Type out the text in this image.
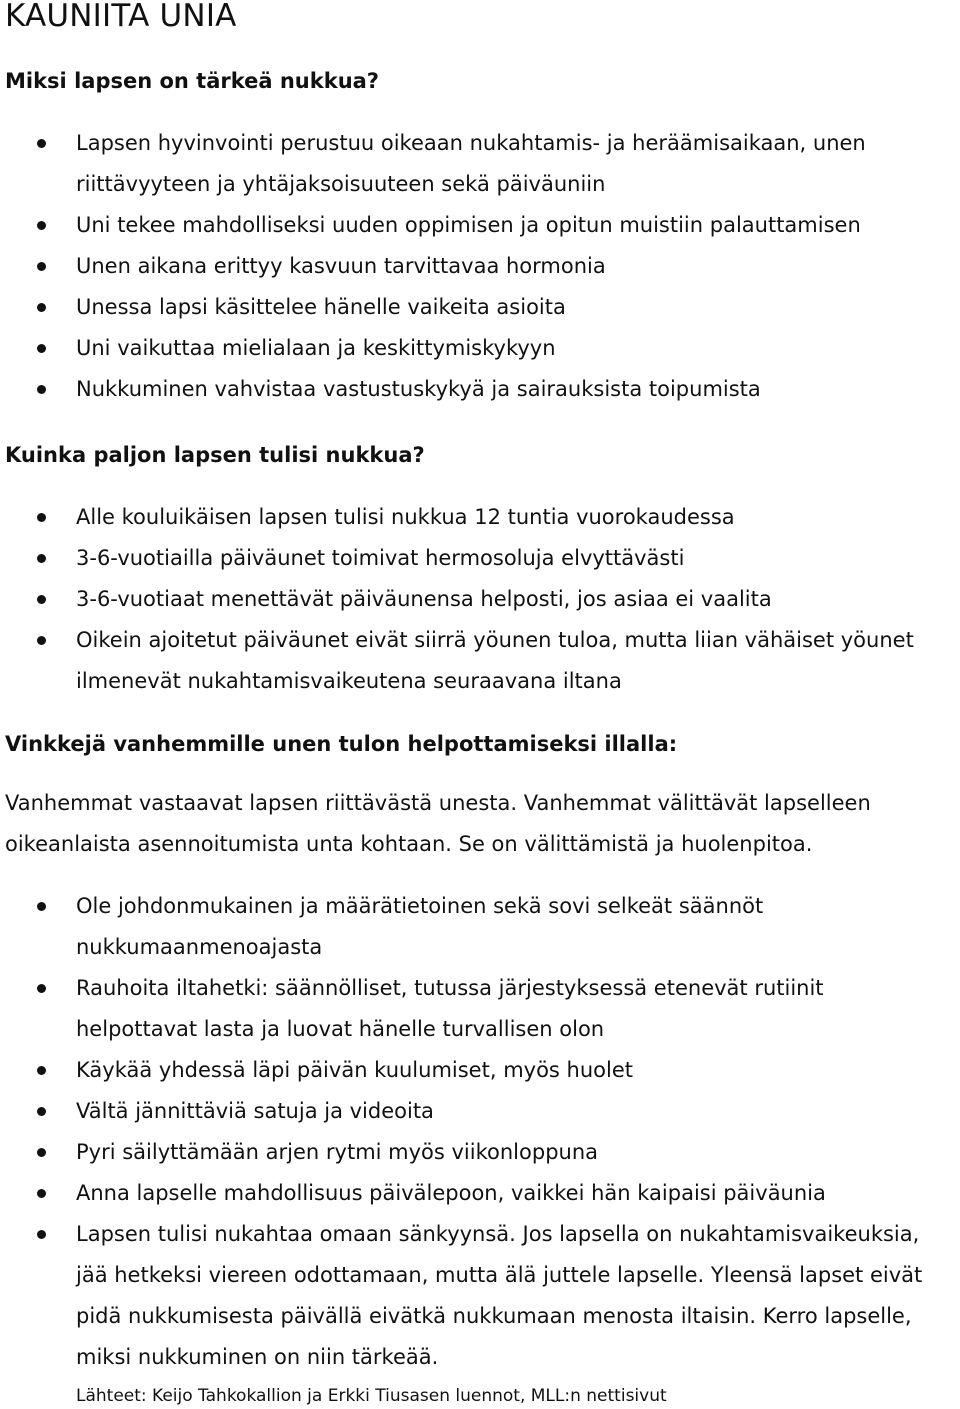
KAUNIITA UNIA
Miksi lapsen on tärkeä nukkua?
Lapsen hyvinvointi perustuu oikeaan nukahtamis- ja heräämisaikaan, unen riittävyyteen ja yhtäjaksoisuuteen sekä päiväuniin
Uni tekee mahdolliseksi uuden oppimisen ja opitun muistiin palauttamisen
Unen aikana erittyy kasvuun tarvittavaa hormonia
Unessa lapsi käsittelee hänelle vaikeita asioita
Uni vaikuttaa mielialaan ja keskittymiskykyyn
Nukkuminen vahvistaa vastustuskykyä ja sairauksista toipumista
Kuinka paljon lapsen tulisi nukkua?
Alle kouluikäisen lapsen tulisi nukkua 12 tuntia vuorokaudessa
3-6-vuotiailla päiväunet toimivat hermosoluja elvyttävästi
3-6-vuotiaat menettävät päiväunensa helposti, jos asiaa ei vaalita
Oikein ajoitetut päiväunet eivät siirrä yöunen tuloa, mutta liian vähäiset yöunet ilmenevät nukahtamisvaikeutena seuraavana iltana
Vinkkejä vanhemmille unen tulon helpottamiseksi illalla:

Vanhemmat vastaavat lapsen riittävästä unesta. Vanhemmat välittävät lapselleen oikeanlaista asennoitumista unta kohtaan. Se on välittämistä ja huolenpitoa.

Ole johdonmukainen ja määrätietoinen sekä sovi selkeät säännöt nukkumaanmenoajasta
Rauhoita iltahetki: säännölliset, tutussa järjestyksessä etenevät rutiinit helpottavat lasta ja luovat hänelle turvallisen olon
Käykää yhdessä läpi päivän kuulumiset, myös huolet
Vältä jännittäviä satuja ja videoita
Pyri säilyttämään arjen rytmi myös viikonloppuna
Anna lapselle mahdollisuus päivälepoon, vaikkei hän kaipaisi päiväunia
Lapsen tulisi nukahtaa omaan sänkyynsä. Jos lapsella on nukahtamisvaikeuksia, jää hetkeksi viereen odottamaan, mutta älä juttele lapselle. Yleensä lapset eivät pidä nukkumisesta päivällä eivätkä nukkumaan menosta iltaisin. Kerro lapselle, miksi nukkuminen on niin tärkeää.

Lähteet: Keijo Tahkokallion ja Erkki Tiusasen luennot, MLL:n nettisivut
